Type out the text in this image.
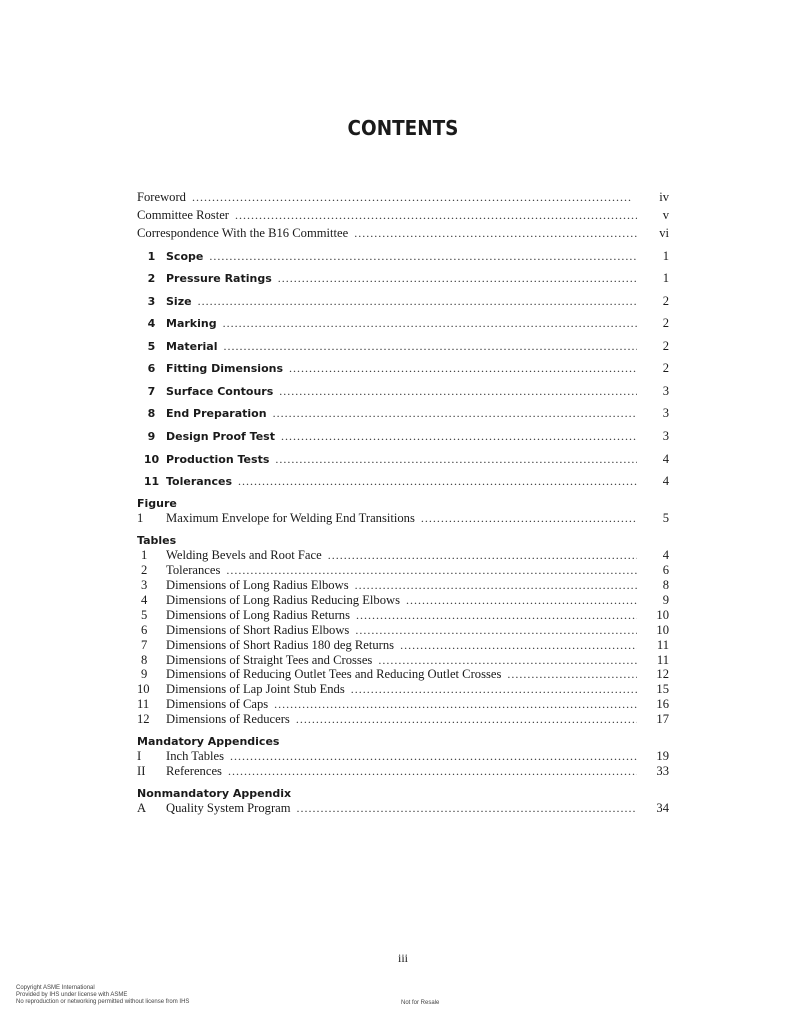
CONTENTS
Foreword . . .	iv
Committee Roster . . .	v
Correspondence With the B16 Committee . . .	vi
1 Scope . . .	1
2 Pressure Ratings . . .	1
3 Size . . .	2
4 Marking . . .	2
5 Material . . .	2
6 Fitting Dimensions . . .	2
7 Surface Contours . . .	3
8 End Preparation . . .	3
9 Design Proof Test . . .	3
10 Production Tests . . .	4
11 Tolerances . . .	4
Figure
1	Maximum Envelope for Welding End Transitions . . .	5
Tables
1	Welding Bevels and Root Face . . .	4
2	Tolerances . . .	6
3	Dimensions of Long Radius Elbows . . .	8
4	Dimensions of Long Radius Reducing Elbows . . .	9
5	Dimensions of Long Radius Returns . . .	10
6	Dimensions of Short Radius Elbows . . .	10
7	Dimensions of Short Radius 180 deg Returns . . .	11
8	Dimensions of Straight Tees and Crosses . . .	11
9	Dimensions of Reducing Outlet Tees and Reducing Outlet Crosses . . .	12
10	Dimensions of Lap Joint Stub Ends . . .	15
11	Dimensions of Caps . . .	16
12	Dimensions of Reducers . . .	17
Mandatory Appendices
I	Inch Tables . . .	19
II	References . . .	33
Nonmandatory Appendix
A	Quality System Program . . .	34
iii
Copyright ASME International
Provided by IHS under license with ASME
No reproduction or networking permitted without license from IHS	Not for Resale
